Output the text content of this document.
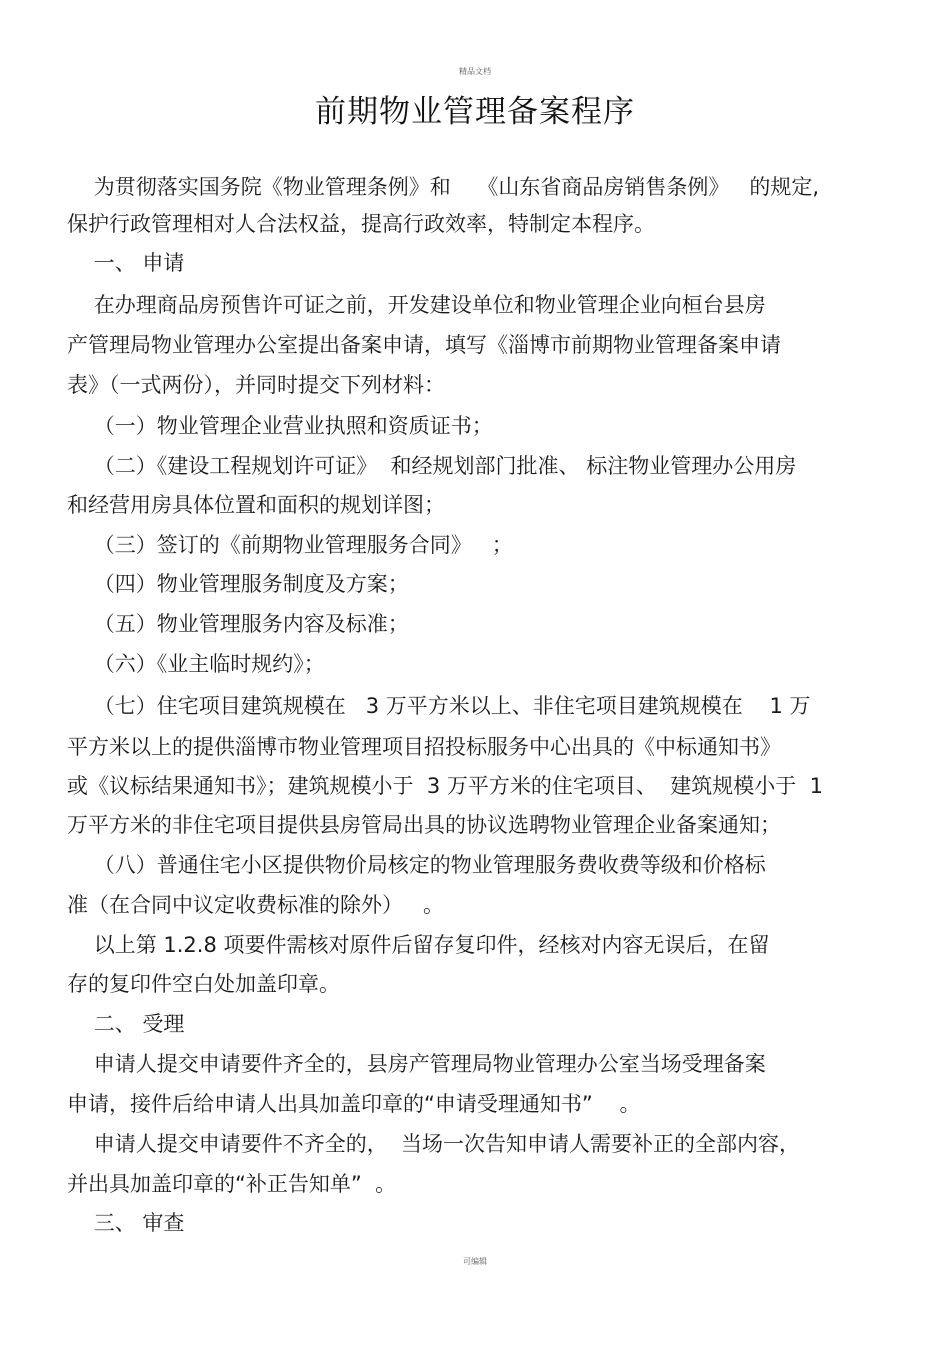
精品文档
前期物业管理备案程序
为贯彻落实国务院《物业管理条例》和    《山东省商品房销售条例》   的规定,
保护行政管理相对人合法权益，提高行政效率，特制定本程序。
一、 申请
在办理商品房预售许可证之前，开发建设单位和物业管理企业向桓台县房
产管理局物业管理办公室提出备案申请，填写《淄博市前期物业管理备案申请
表》（一式两份），并同时提交下列材料：
（一）物业管理企业营业执照和资质证书；
（二）《建设工程规划许可证》  和经规划部门批准、 标注物业管理办公用房
和经营用房具体位置和面积的规划详图；
（三）签订的《前期物业管理服务合同》   ；
（四）物业管理服务制度及方案；
（五）物业管理服务内容及标准；
（六）《业主临时规约》；
（七）住宅项目建筑规模在   3 万平方米以上、非住宅项目建筑规模在    1 万
平方米以上的提供淄博市物业管理项目招投标服务中心出具的《中标通知书》
或《议标结果通知书》；建筑规模小于  3 万平方米的住宅项目、  建筑规模小于  1
万平方米的非住宅项目提供县房管局出具的协议选聘物业管理企业备案通知；
（八）普通住宅小区提供物价局核定的物业管理服务费收费等级和价格标
准（在合同中议定收费标准的除外）   。
以上第 1.2.8 项要件需核对原件后留存复印件，经核对内容无误后，在留
存的复印件空白处加盖印章。
二、 受理
申请人提交申请要件齐全的，县房产管理局物业管理办公室当场受理备案
申请，接件后给申请人出具加盖印章的“申请受理通知书”    。
申请人提交申请要件不齐全的，  当场一次告知申请人需要补正的全部内容，
并出具加盖印章的“补正告知单”  。
三、 审查
可编辑
